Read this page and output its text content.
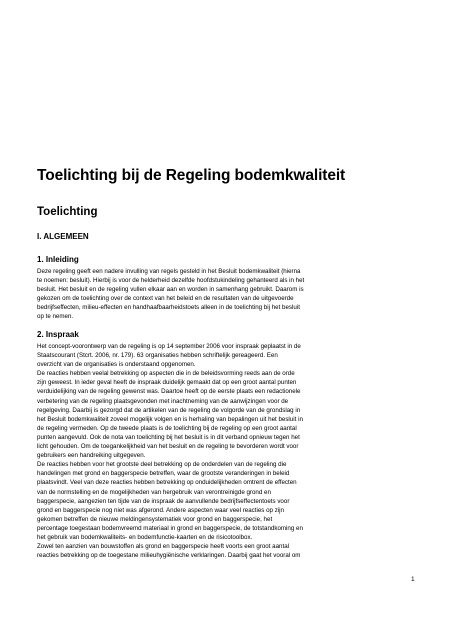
Toelichting bij de Regeling bodemkwaliteit
Toelichting
I. ALGEMEEN
1. Inleiding
Deze regeling geeft een nadere invulling van regels gesteld in het Besluit bodemkwaliteit (hierna
te noemen: besluit). Hierbij is voor de helderheid dezelfde hoofdstukindeling gehanteerd als in het
besluit. Het besluit en de regeling vullen elkaar aan en worden in samenhang gebruikt. Daarom is
gekozen om de toelichting over de context van het beleid en de resultaten van de uitgevoerde
bedrijfseffecten, milieu-effecten en handhaafbaarheidstoets alleen in de toelichting bij het besluit
op te nemen.
2. Inspraak
Het concept-voorontwerp van de regeling is op 14 september 2006 voor inspraak geplaatst in de
Staatscourant (Stcrt. 2006, nr. 179). 63 organisaties hebben schriftelijk gereageerd. Een
overzicht van de organisaties is onderstaand opgenomen.
De reacties hebben veelal betrekking op aspecten die in de beleidsvorming reeds aan de orde
zijn geweest. In ieder geval heeft de inspraak duidelijk gemaakt dat op een groot aantal punten
verduidelijking van de regeling gewenst was. Daartoe heeft op de eerste plaats een redactionele
verbetering van de regeling plaatsgevonden met inachtneming van de aanwijzingen voor de
regelgeving. Daarbij is gezorgd dat de artikelen van de regeling de volgorde van de grondslag in
het Besluit bodemkwaliteit zoveel mogelijk volgen en is herhaling van bepalingen uit het besluit in
de regeling vermeden. Op de tweede plaats is de toelichting bij de regeling op een groot aantal
punten aangevuld. Ook de nota van toelichting bij het besluit is in dit verband opnieuw tegen het
licht gehouden. Om de toegankelijkheid van het besluit en de regeling te bevorderen wordt voor
gebruikers een handreiking uitgegeven.
De reacties hebben voor het grootste deel betrekking op de onderdelen van de regeling die
handelingen met grond en baggerspecie betreffen, waar de grootste veranderingen in beleid
plaatsvindt. Veel van deze reacties hebben betrekking op onduidelijkheden omtrent de effecten
van de normstelling en de mogelijkheden van hergebruik van verontreinigde grond en
baggerspecie, aangezien ten tijde van de inspraak de aanvullende bedrijfseffectentoets voor
grond en baggerspecie nog niet was afgerond. Andere aspecten waar veel reacties op zijn
gekomen betreffen de nieuwe meldingensystematiek voor grond en baggerspecie, het
percentage toegestaan bodemvreemd materiaal in grond en baggerspecie, de totstandkoming en
het gebruik van bodemkwaliteits- en bodemfunctie-kaarten en de risicotoolbox.
Zowel ten aanzien van bouwstoffen als grond en baggerspecie heeft voorts een groot aantal
reacties betrekking op de toegestane milieuhygiënische verklaringen. Daarbij gaat het vooral om
1
